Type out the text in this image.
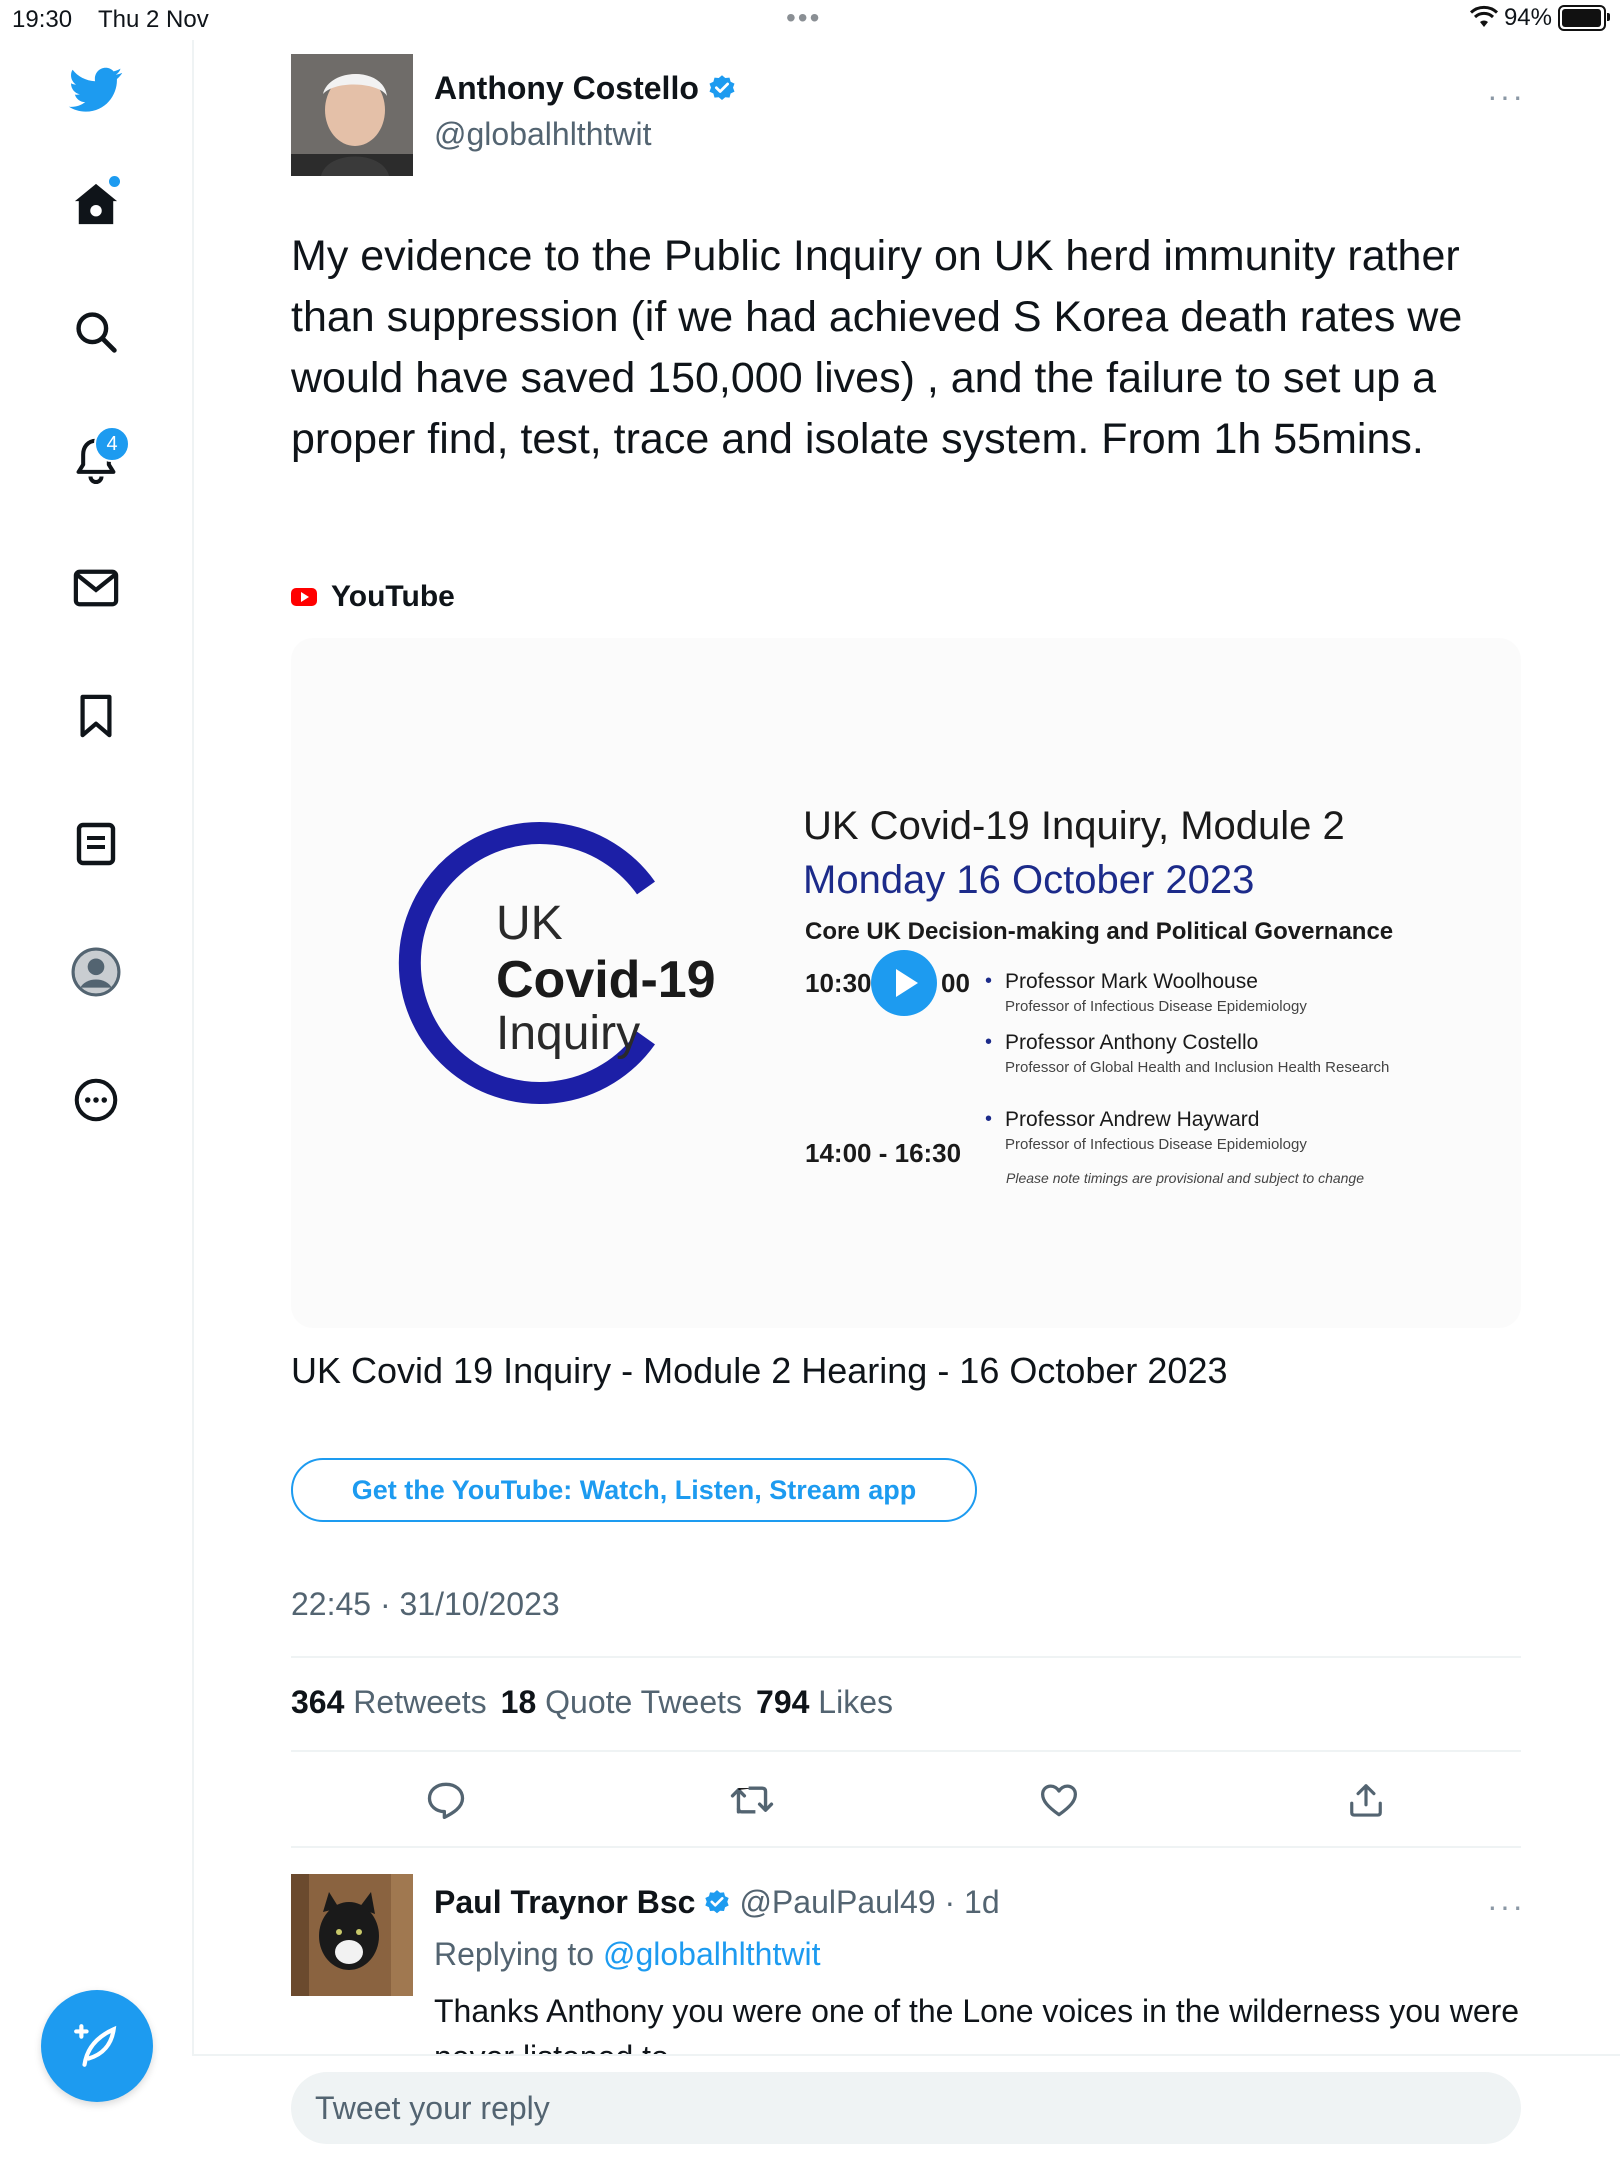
19:30 Thu 2 Nov	•••	94%
4
Anthony Costello
@globalhlthtwit
···
My evidence to the Public Inquiry on UK herd immunity rather than suppression (if we had achieved S Korea death rates we would have saved 150,000 lives) , and the failure to set up a proper find, test, trace and isolate system. From 1h 55mins.
YouTube
UK
Covid-19
Inquiry
UK Covid-19 Inquiry, Module 2
Monday 16 October 2023
Core UK Decision-making and Political Governance
10:30	00 • Professor Mark Woolhouse
Professor of Infectious Disease Epidemiology
• Professor Anthony Costello
Professor of Global Health and Inclusion Health Research
14:00 - 16:30
• Professor Andrew Hayward
Professor of Infectious Disease Epidemiology
Please note timings are provisional and subject to change
UK Covid 19 Inquiry - Module 2 Hearing - 16 October 2023
Get the YouTube: Watch, Listen, Stream app
22:45 · 31/10/2023
364 Retweets 18 Quote Tweets 794 Likes
Paul Traynor Bsc @PaulPaul49 · 1d	···
Replying to @globalhlthtwit
Thanks Anthony you were one of the Lone voices in the wilderness you were
Tweet your reply
